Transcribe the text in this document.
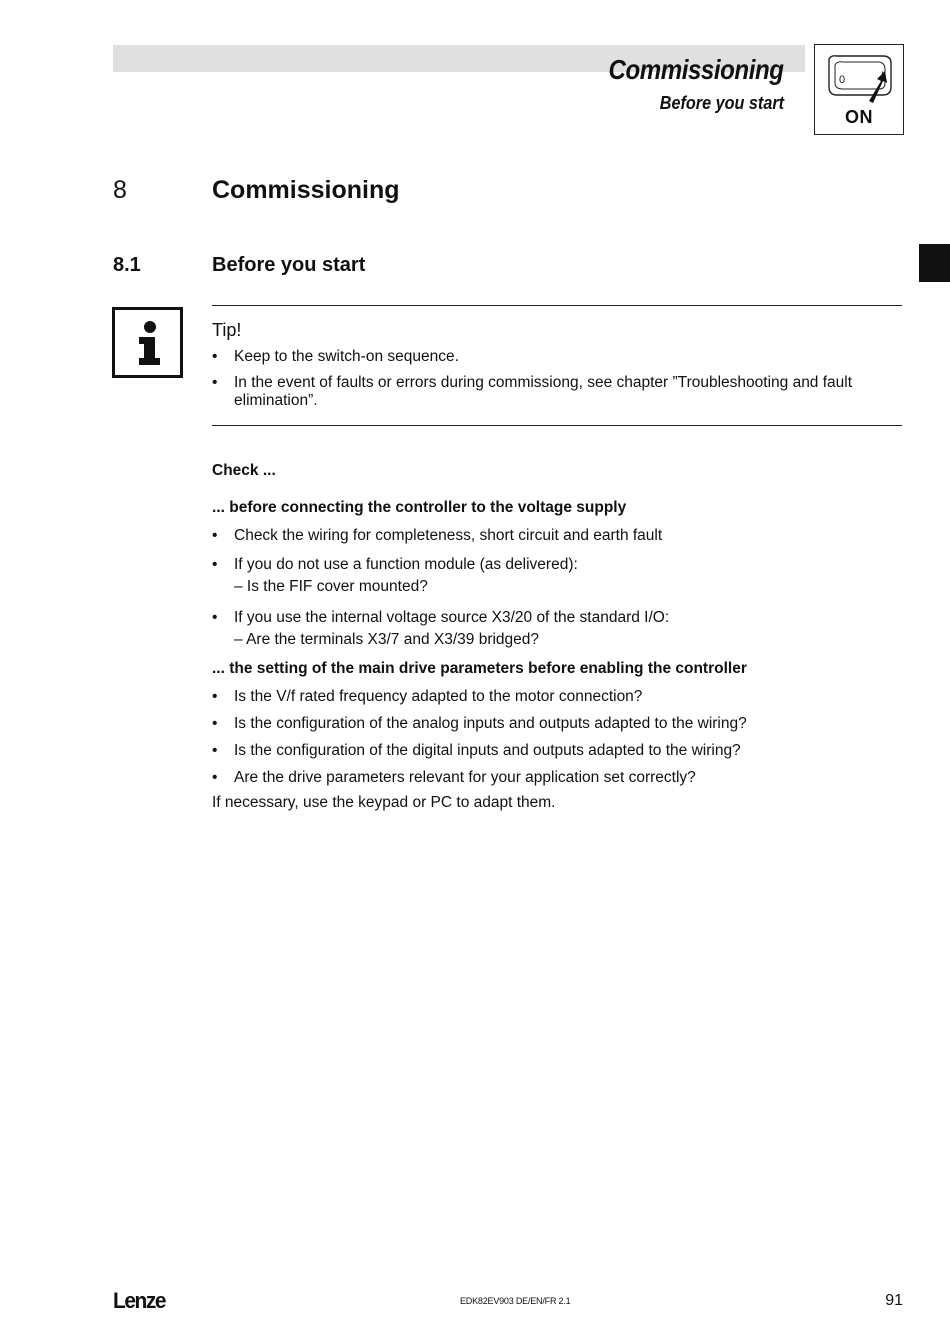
Commissioning
Before you start
0
ON
8	Commissioning
8.1	Before you start
Tip!
• Keep to the switch-on sequence.
• In the event of faults or errors during commissiong, see chapter ”Troubleshooting and fault elimination”.
Check ...
... before connecting the controller to the voltage supply
• Check the wiring for completeness, short circuit and earth fault
• If you do not use a function module (as delivered):
– Is the FIF cover mounted?
• If you use the internal voltage source X3/20 of the standard I/O:
– Are the terminals X3/7 and X3/39 bridged?
... the setting of the main drive parameters before enabling the controller
• Is the V/f rated frequency adapted to the motor connection?
• Is the configuration of the analog inputs and outputs adapted to the wiring?
• Is the configuration of the digital inputs and outputs adapted to the wiring?
• Are the drive parameters relevant for your application set correctly?
If necessary, use the keypad or PC to adapt them.
Lenze	EDK82EV903 DE/EN/FR 2.1	91
